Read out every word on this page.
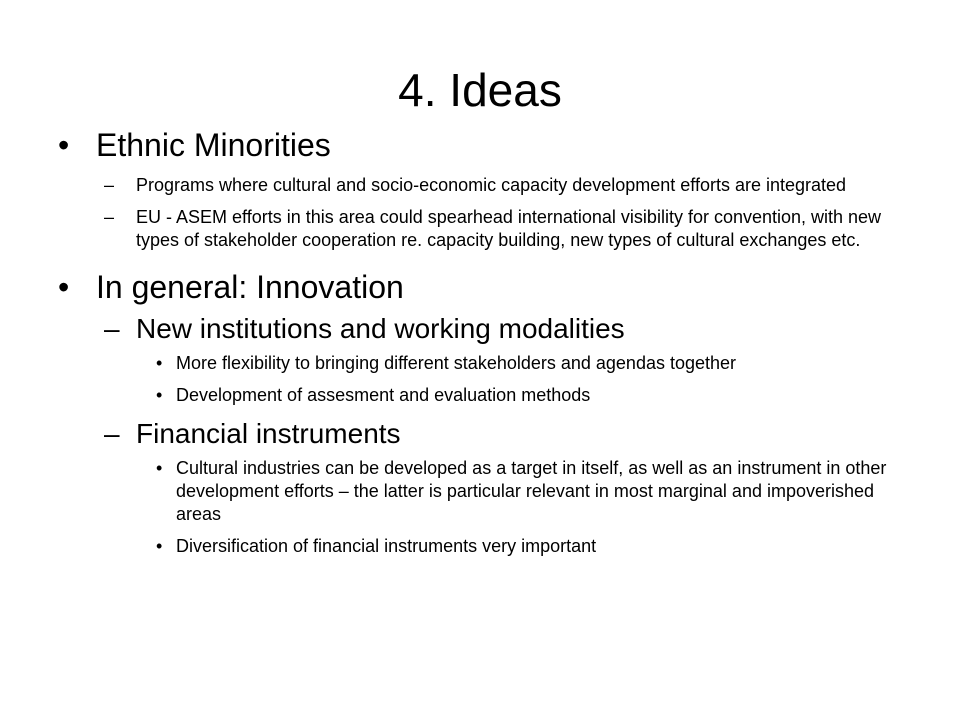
4. Ideas
• Ethnic Minorities
– Programs where cultural and socio-economic capacity development efforts are integrated
– EU - ASEM efforts in this area could spearhead international visibility for convention, with new types of stakeholder cooperation re. capacity building, new types of cultural exchanges etc.
• In general: Innovation
– New institutions and working modalities
• More flexibility to bringing different stakeholders and agendas together
• Development of assesment and evaluation methods
– Financial instruments
• Cultural industries can be developed as a target in itself, as well as an instrument in other development efforts – the latter is particular relevant in most marginal and impoverished areas
• Diversification of financial instruments very important
